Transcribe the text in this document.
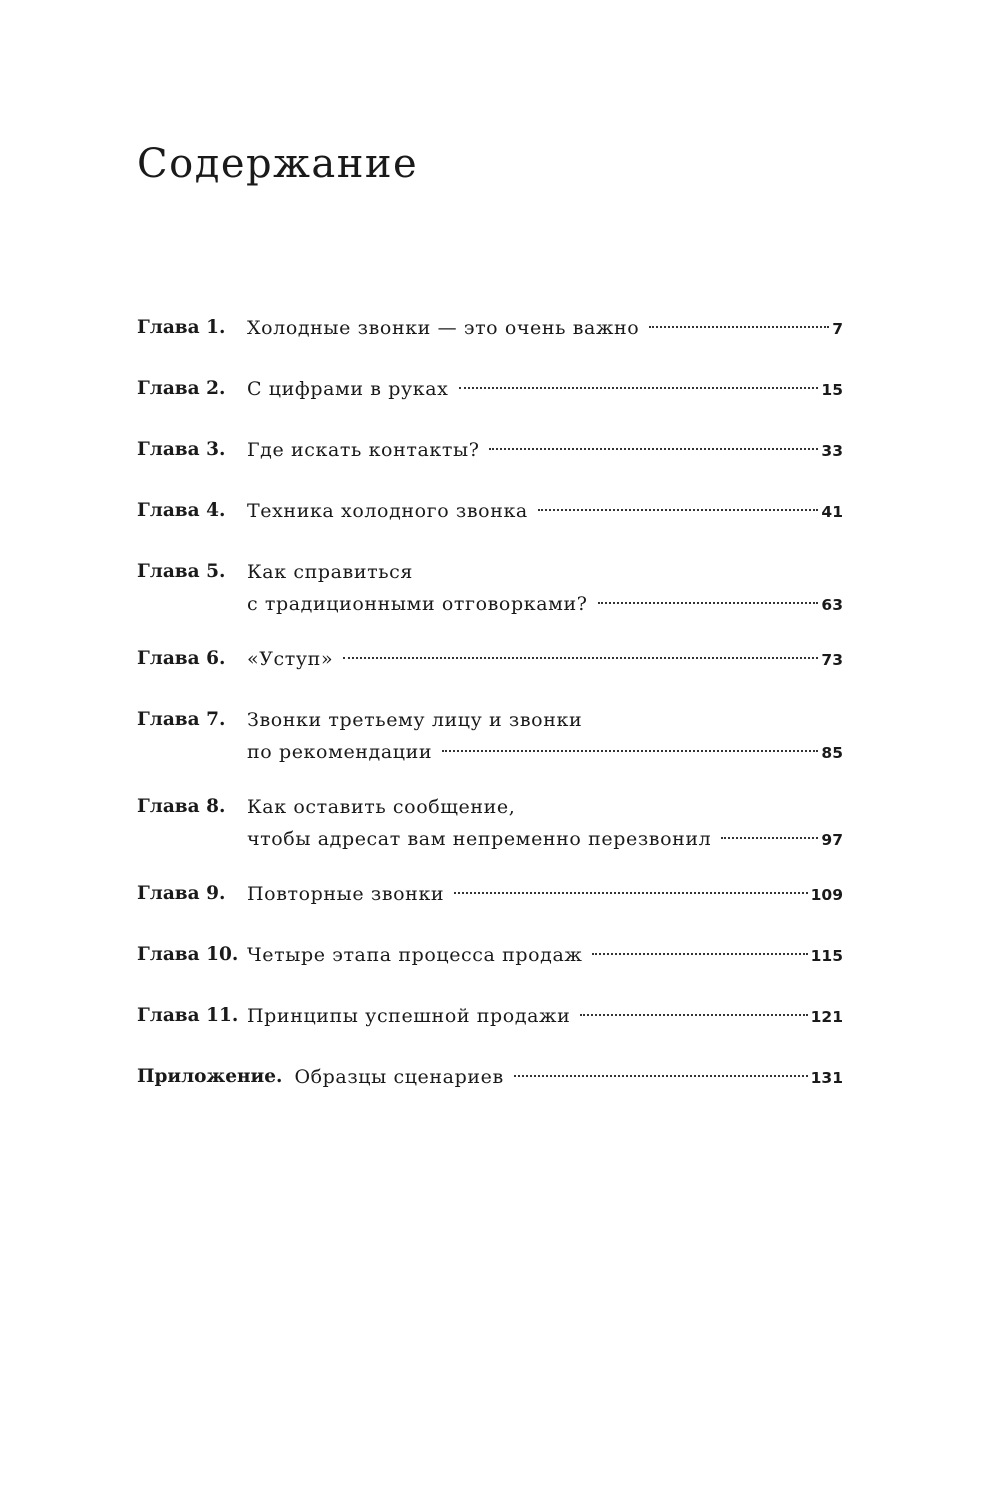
Содержание
Глава 1.	Холодные звонки — это очень важно	7
Глава 2.	С цифрами в руках	15
Глава 3.	Где искать контакты?	33
Глава 4.	Техника холодного звонка	41
Глава 5.	Как справиться
с традиционными отговорками?	63
Глава 6.	«Уступ»	73
Глава 7.	Звонки третьему лицу и звонки
по рекомендации	85
Глава 8.	Как оставить сообщение,
чтобы адресат вам непременно перезвонил	97
Глава 9.	Повторные звонки	109
Глава 10. Четыре этапа процесса продаж	115
Глава 11. Принципы успешной продажи	121
Приложение. Образцы сценариев	131
